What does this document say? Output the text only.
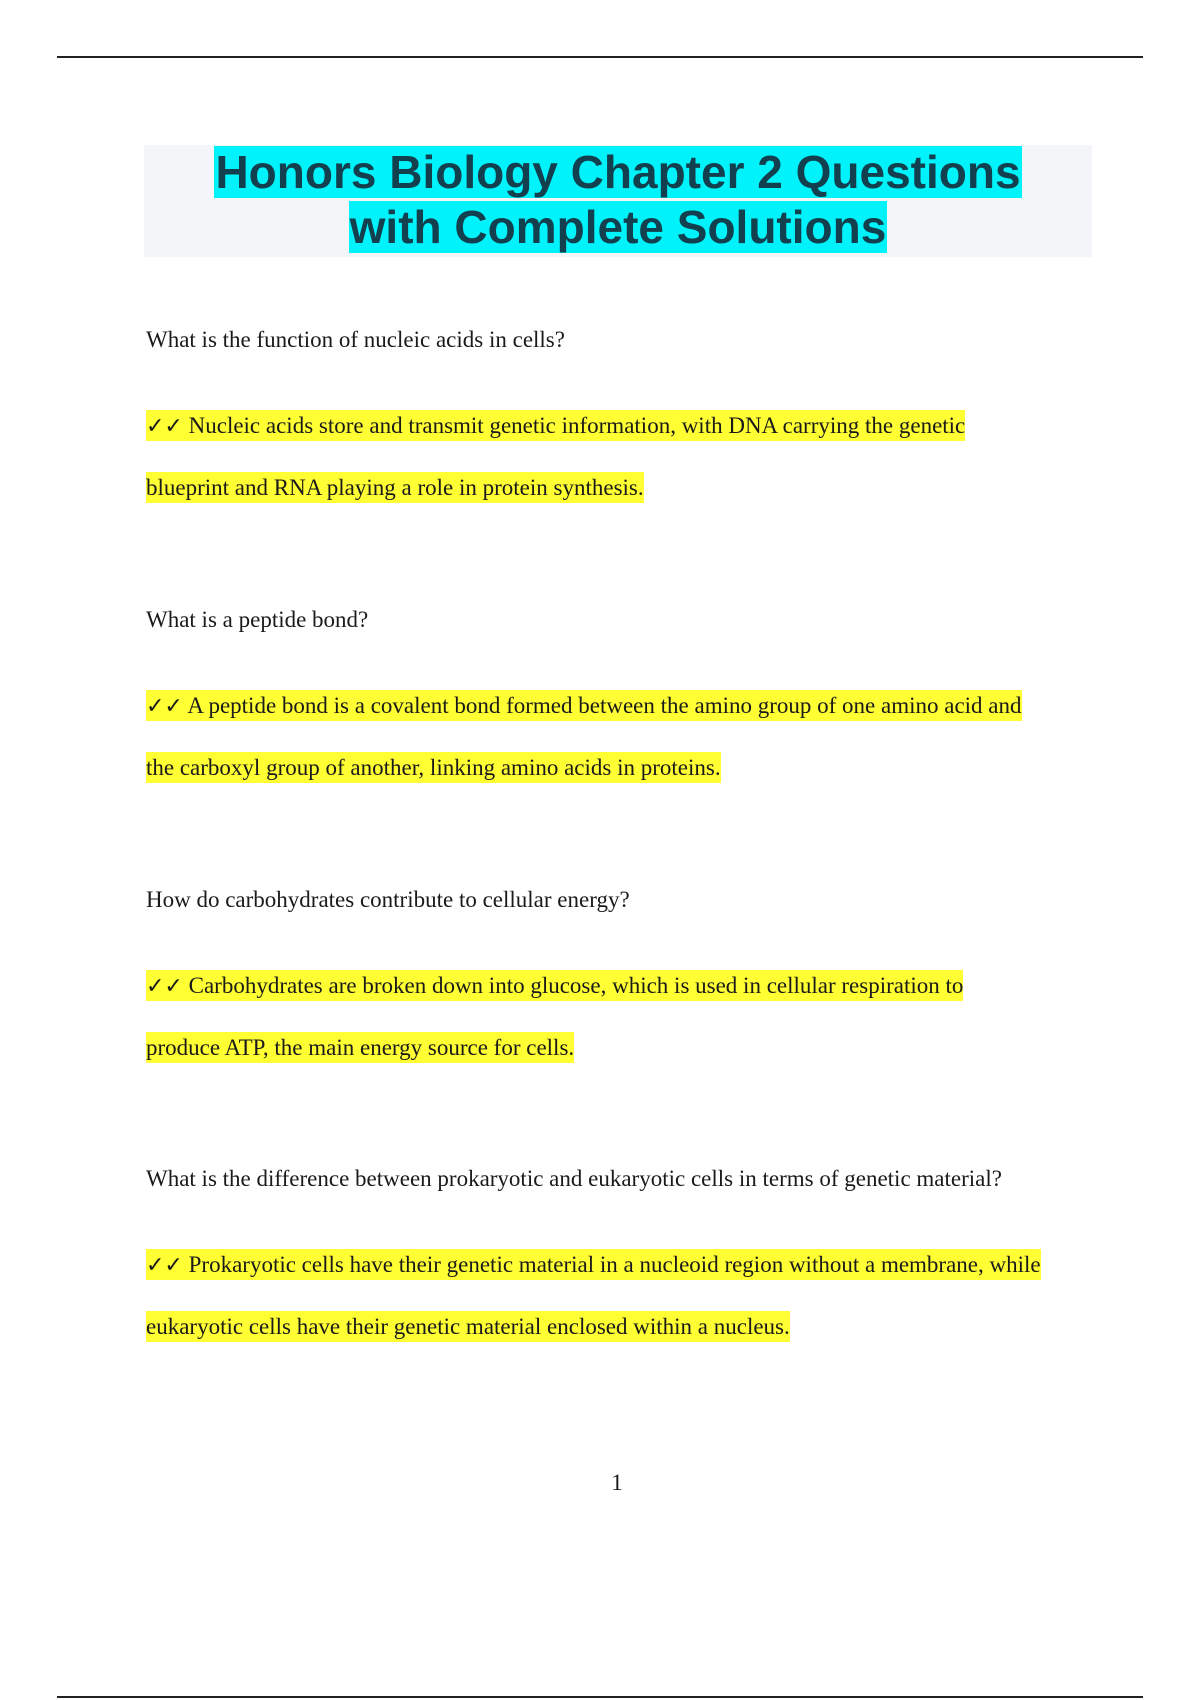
Honors Biology Chapter 2 Questions
with Complete Solutions

What is the function of nucleic acids in cells?

✓✓ Nucleic acids store and transmit genetic information, with DNA carrying the genetic
blueprint and RNA playing a role in protein synthesis.

What is a peptide bond?

✓✓ A peptide bond is a covalent bond formed between the amino group of one amino acid and
the carboxyl group of another, linking amino acids in proteins.

How do carbohydrates contribute to cellular energy?

✓✓ Carbohydrates are broken down into glucose, which is used in cellular respiration to
produce ATP, the main energy source for cells.

What is the difference between prokaryotic and eukaryotic cells in terms of genetic material?

✓✓ Prokaryotic cells have their genetic material in a nucleoid region without a membrane, while
eukaryotic cells have their genetic material enclosed within a nucleus.

1
